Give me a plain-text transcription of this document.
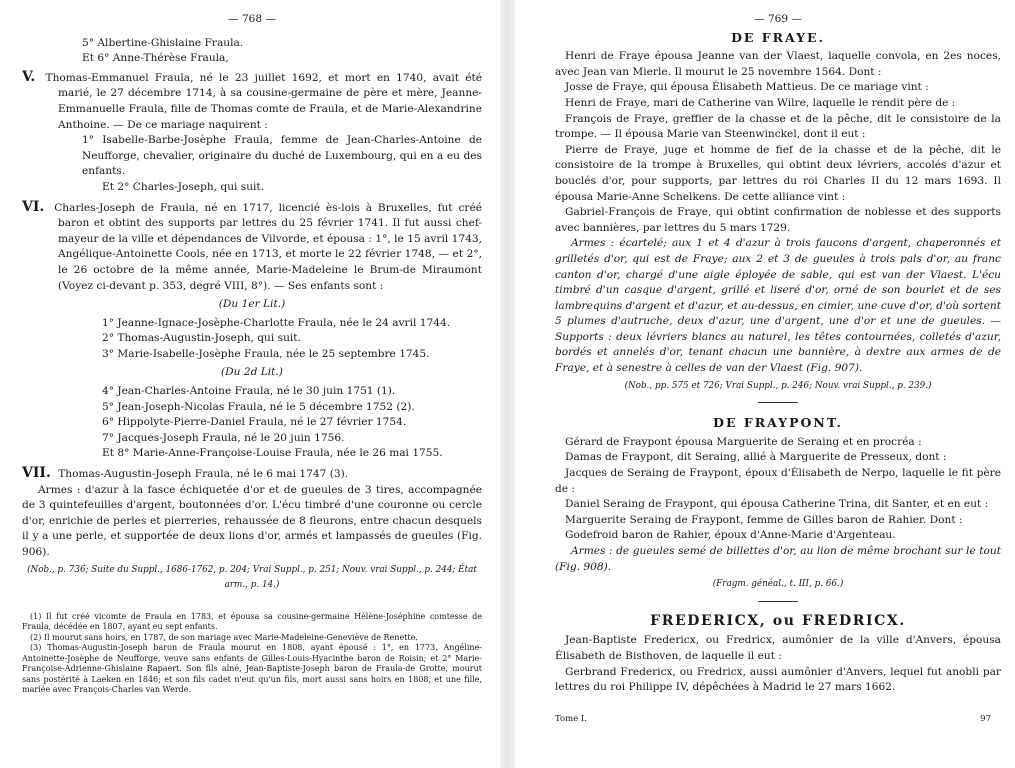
— 768 —

5° Albertine-Ghislaine Fraula.

Et 6° Anne-Thérèse Fraula,

V. Thomas-Emmanuel Fraula, né le 23 juillet 1692, et mort en 1740, avait été marié, le 27 décembre 1714, à sa cousine-germaine de père et mère, Jeanne-Emmanuelle Fraula, fille de Thomas comte de Fraula, et de Marie-Alexandrine Anthoine. — De ce mariage naquirent :

1° Isabelle-Barbe-Josèphe Fraula, femme de Jean-Charles-Antoine de Neufforge, chevalier, originaire du duché de Luxembourg, qui en a eu des enfants.

Et 2° Charles-Joseph, qui suit.

VI. Charles-Joseph de Fraula, né en 1717, licencié ès-lois à Bruxelles, fut créé baron et obtint des supports par lettres du 25 février 1741. Il fut aussi chef-mayeur de la ville et dépendances de Vilvorde, et épousa : 1°, le 15 avril 1743, Angélique-Antoinette Cools, née en 1713, et morte le 22 février 1748, — et 2°, le 26 octobre de la même année, Marie-Madeleine le Brum-de Miraumont (Voyez ci-devant p. 353, degré VIII, 8°). — Ses enfants sont :

(Du 1er Lit.)

1° Jeanne-Ignace-Josèphe-Charlotte Fraula, née le 24 avril 1744.

2° Thomas-Augustin-Joseph, qui suit.

3° Marie-Isabelle-Josèphe Fraula, née le 25 septembre 1745.

(Du 2d Lit.)

4° Jean-Charles-Antoine Fraula, né le 30 juin 1751 (1).

5° Jean-Joseph-Nicolas Fraula, né le 5 décembre 1752 (2).

6° Hippolyte-Pierre-Daniel Fraula, né le 27 février 1754.

7° Jacques-Joseph Fraula, né le 20 juin 1756.

Et 8° Marie-Anne-Françoise-Louise Fraula, née le 26 mai 1755.

VII. Thomas-Augustin-Joseph Fraula, né le 6 mai 1747 (3).

Armes : d'azur à la fasce échiquetée d'or et de gueules de 3 tires, accompagnée de 3 quintefeuilles d'argent, boutonnées d'or. L'écu timbré d'une couronne ou cercle d'or, enrichie de perles et pierreries, rehaussée de 8 fleurons, entre chacun desquels il y a une perle, et supportée de deux lions d'or, armés et lampassés de gueules (Fig. 906).

(Nob., p. 736; Suite du Suppl., 1686-1762, p. 204; Vrai Suppl., p. 251; Nouv. vrai Suppl., p. 244; État arm., p. 14.)

(1) Il fut créé vicomte de Fraula en 1783, et épousa sa cousine-germaine Hélène-Joséphine comtesse de Fraula, décédée en 1807, ayant eu sept enfants.

(2) Il mourut sans hoirs, en 1787, de son mariage avec Marie-Madeleine-Geneviève de Renette.

(3) Thomas-Augustin-Joseph baron de Fraula mourut en 1808, ayant épousé : 1°, en 1773, Angéline-Antoinette-Josèphe de Neufforge, veuve sans enfants de Gilles-Louis-Hyacinthe baron de Roisin; et 2° Marie-Françoise-Adrienne-Ghislaine Rapaert. Son fils aîné, Jean-Baptiste-Joseph baron de Fraula-de Grotte, mourut sans postérité à Laeken en 1846; et son fils cadet n'eut qu'un fils, mort aussi sans hoirs en 1808, et une fille, mariée avec François-Charles van Werde.

— 769 —
DE FRAYE.

Henri de Fraye épousa Jeanne van der Vlaest, laquelle convola, en 2es noces, avec Jean van Mierle. Il mourut le 25 novembre 1564. Dont :

Josse de Fraye, qui épousa Élisabeth Mattieus. De ce mariage vint :

Henri de Fraye, mari de Catherine van Wilre, laquelle le rendit père de :

François de Fraye, greffier de la chasse et de la pêche, dit le consistoire de la trompe. — Il épousa Marie van Steenwinckel, dont il eut :

Pierre de Fraye, juge et homme de fief de la chasse et de la pêche, dit le consistoire de la trompe à Bruxelles, qui obtint deux lévriers, accolés d'azur et bouclés d'or, pour supports, par lettres du roi Charles II du 12 mars 1693. Il épousa Marie-Anne Schelkens. De cette alliance vint :

Gabriel-François de Fraye, qui obtint confirmation de noblesse et des supports avec bannières, par lettres du 5 mars 1729.

Armes : écartelé; aux 1 et 4 d'azur à trois faucons d'argent, chaperonnés et grilletés d'or, qui est de Fraye; aux 2 et 3 de gueules à trois pals d'or, au franc canton d'or, chargé d'une aigle éployée de sable, qui est van der Vlaest. L'écu timbré d'un casque d'argent, grillé et liseré d'or, orné de son bourlet et de ses lambrequins d'argent et d'azur, et au-dessus, en cimier, une cuve d'or, d'où sortent 5 plumes d'autruche, deux d'azur, une d'argent, une d'or et une de gueules. — Supports : deux lévriers blancs au naturel, les têtes contournées, colletés d'azur, bordés et annelés d'or, tenant chacun une bannière, à dextre aux armes de de Fraye, et à senestre à celles de van der Vlaest (Fig. 907).

(Nob., pp. 575 et 726; Vrai Suppl., p. 246; Nouv. vrai Suppl., p. 239.)

DE FRAYPONT.

Gérard de Fraypont épousa Marguerite de Seraing et en procréa :

Damas de Fraypont, dit Seraing, allié à Marguerite de Presseux, dont :

Jacques de Seraing de Fraypont, époux d'Élisabeth de Nerpo, laquelle le fit père de :

Daniel Seraing de Fraypont, qui épousa Catherine Trina, dit Santer, et en eut :

Marguerite Seraing de Fraypont, femme de Gilles baron de Rahier. Dont :

Godefroid baron de Rahier, époux d'Anne-Marie d'Argenteau.

Armes : de gueules semé de billettes d'or, au lion de même brochant sur le tout (Fig. 908).

(Fragm. généal., t. III, p. 66.)

FREDERICX, ou FREDRICX.

Jean-Baptiste Fredericx, ou Fredricx, aumônier de la ville d'Anvers, épousa Élisabeth de Bisthoven, de laquelle il eut :

Gerbrand Fredericx, ou Fredricx, aussi aumônier d'Anvers, lequel fut anobli par lettres du roi Philippe IV, dépêchées à Madrid le 27 mars 1662.

Tome I.	97
